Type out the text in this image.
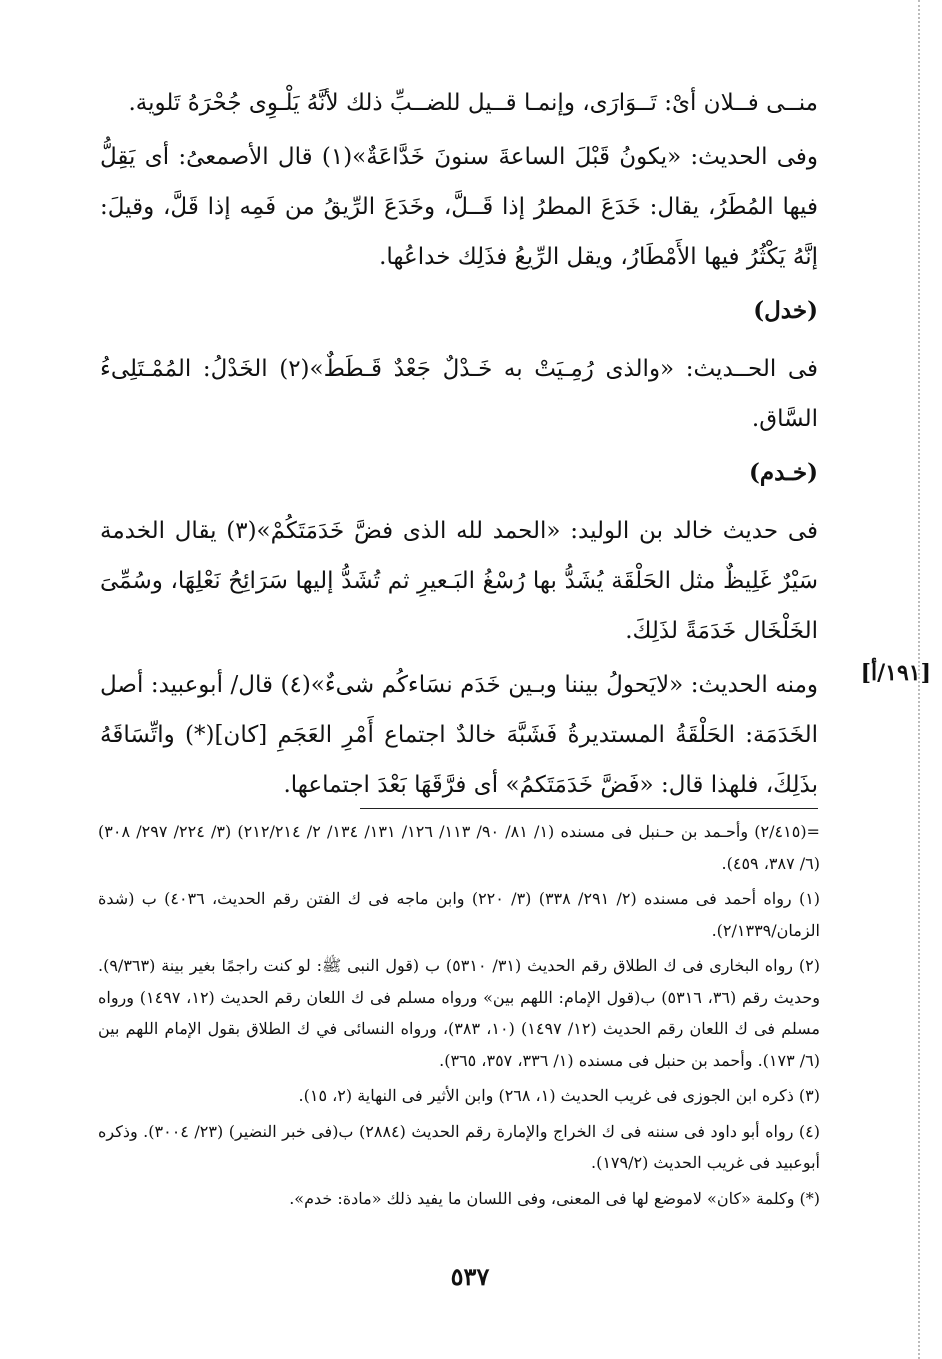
منــى فــلان أىْ: تَــوَارَى، وإنمـا قــيل للضــبِّ ذلك لأنَّهُ يَلْـوِى جُحْرَهُ تَلوية.

وفى الحديث: «يكونُ قَبْلَ الساعةَ سنونَ خَدَّاعَةٌ»(١) قال الأصمعىُ: أى يَقِلُّ فيها المُطَرُ، يقال: خَدَعَ المطرُ إذا قَــلَّ، وخَدَعَ الرِّيقُ من فَمِه إذا قَلَّ، وقيلَ: إنَّهُ يَكْثُرُ فيها الأَمْطَارُ، ويقل الرِّيعُ فذَلِك خداعُها.

(خدل)

فى الحــديث: «والذى رُمِـيَتْ به خَـدْلٌ جَعْدٌ قَـطَطٌ»(٢) الخَدْلُ: المُمْـتَلِىءُ السَّاق.

(خـدم)

فى حديث خالد بن الوليد: «الحمد لله الذى فضَّ خَدَمَتَكُمْ»(٣) يقال الخدمة سَيْرٌ غَلِيظٌ مثل الحَلْقَة يُشَدُّ بها رُسْغُ البَـعيرِ ثم تُشَدُّ إليها سَرَائِحُ نَعْلِهَا، وسُمِّىَ الخَلْخَال خَدَمَةً لذَلِكَ.

ومنه الحديث: «لايَحولُ بيننا وبـين خَدَم نسَاءكُم شىءٌ»(٤) قال/ أبوعبيد: أصل الخَدَمَة: الحَلْقَةُ المستديرةُ فَشَبَّهَ خالدٌ اجتماع أَمْرِ العَجَمِ [كان](*) واتِّسَاقَهُ بذَلِكَ، فلهذا قال: «فَضَّ خَدَمَتَكمُ» أى فرَّقَهَا بَعْدَ اجتماعها.

[١٩١/أ]

=(٢/٤١٥) وأحـمد بن حـنبل فى مسنده (١/ ٨١/ ٩٠/ ١١٣/ ١٢٦/ ١٣١/ ١٣٤/ ٢/ ٢١٢/٢١٤) (٣/ ٢٢٤/ ٢٩٧/ ٣٠٨) (٦/ ٣٨٧، ٤٥٩).

(١) رواه أحمد فى مسنده (٢/ ٢٩١/ ٣٣٨) (٣/ ٢٢٠) وابن ماجه فى ك الفتن رقم الحديث، ٤٠٣٦) ب (شدة الزمان/٢/١٣٣٩).

(٢) رواه البخارى فى ك الطلاق رقم الحديث (٣١/ ٥٣١٠) ب (قول النبى ﷺ: لو كنت راجمًا بغير بينة (٩/٣٦٣). وحديث رقم (٣٦، ٥٣١٦) ب(قول الإمام: اللهم بين» ورواه مسلم فى ك اللعان رقم الحديث (١٢، ١٤٩٧) ورواه مسلم فى ك اللعان رقم الحديث (١٢/ ١٤٩٧) (١٠، ٣٨٣)، ورواه النسائى في ك الطلاق بقول الإمام اللهم بين (٦/ ١٧٣). وأحمد بن حنبل فى مسنده (١/ ٣٣٦، ٣٥٧، ٣٦٥).

(٣) ذكره ابن الجوزى فى غريب الحديث (١، ٢٦٨) وابن الأثير فى النهاية (٢، ١٥).

(٤) رواه أبو داود فى سننه فى ك الخراج والإمارة رقم الحديث (٢٨٨٤) ب(فى خبر النضير) (٢٣/ ٣٠٠٤). وذكره أبوعبيد فى غريب الحديث (١٧٩/٢).

(*) وكلمة «كان» لاموضع لها فى المعنى، وفى اللسان ما يفيد ذلك «مادة: خدم».

٥٣٧
